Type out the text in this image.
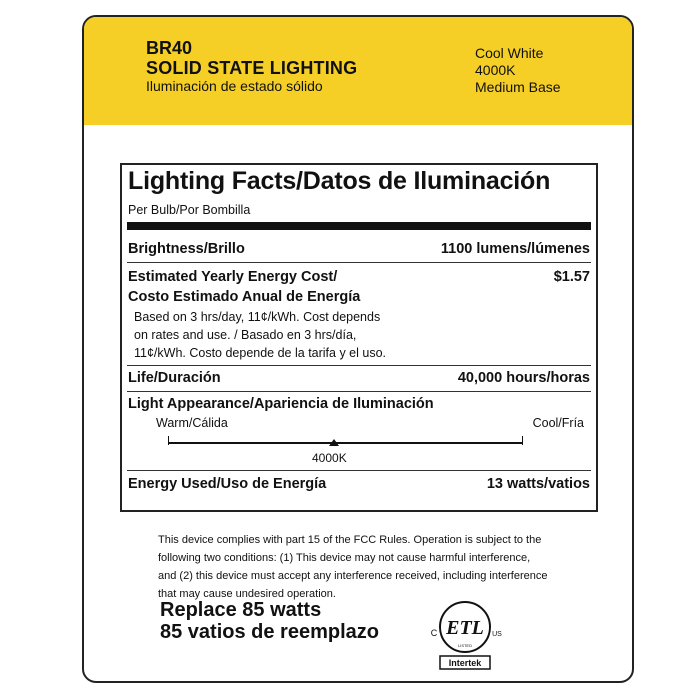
BR40
SOLID STATE LIGHTING
Iluminación de estado sólido
Cool White
4000K
Medium Base
Lighting Facts/Datos de Iluminación
Per Bulb/Por Bombilla
Brightness/Brillo	1100 lumens/lúmenes
Estimated Yearly Energy Cost/
Costo Estimado Anual de Energía
$1.57
Based on 3 hrs/day, 11¢/kWh. Cost depends
on rates and use. / Basado en 3 hrs/día,
11¢/kWh. Costo depende de la tarifa y el uso.
Life/Duración	40,000 hours/horas
Light Appearance/Apariencia de Iluminación
Warm/Cálida	Cool/Fría
4000K
Energy Used/Uso de Energía	13 watts/vatios
This device complies with part 15 of the FCC Rules. Operation is subject to the
following two conditions: (1) This device may not cause harmful interference,
and (2) this device must accept any interference received, including interference
that may cause undesired operation.
Replace 85 watts
85 vatios de reemplazo	ETL
C	US
LISTED
Intertek
